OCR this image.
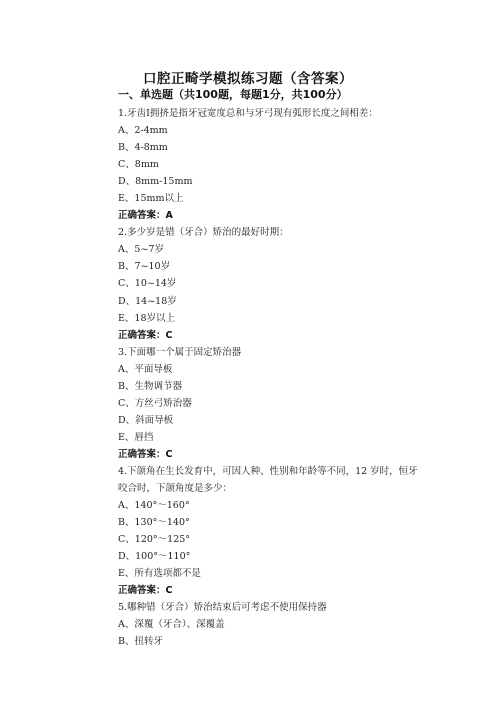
口腔正畸学模拟练习题（含答案）
一、单选题（共100题，每题1分，共100分）
1.牙齿Ⅰ拥挤是指牙冠宽度总和与牙弓现有弧形长度之间相差：
A、2-4mm
B、4-8mm
C、8mm
D、8mm-15mm
E、15mm以上
正确答案：A
2.多少岁是错（牙合）矫治的最好时期：
A、5~7岁
B、7~10岁
C、10~14岁
D、14~18岁
E、18岁以上
正确答案：C
3.下面哪一个属于固定矫治器
A、平面导板
B、生物调节器
C、方丝弓矫治器
D、斜面导板
E、唇挡
正确答案：C
4.下颌角在生长发育中，可因人种、性别和年龄等不同，12 岁时，恒牙咬合时，下颌角度是多少：
A、140°～160°
B、130°～140°
C、120°～125°
D、100°～110°
E、所有选项都不是
正确答案：C
5.哪种错（牙合）矫治结束后可考虑不使用保持器
A、深覆（牙合）、深覆盖
B、扭转牙
